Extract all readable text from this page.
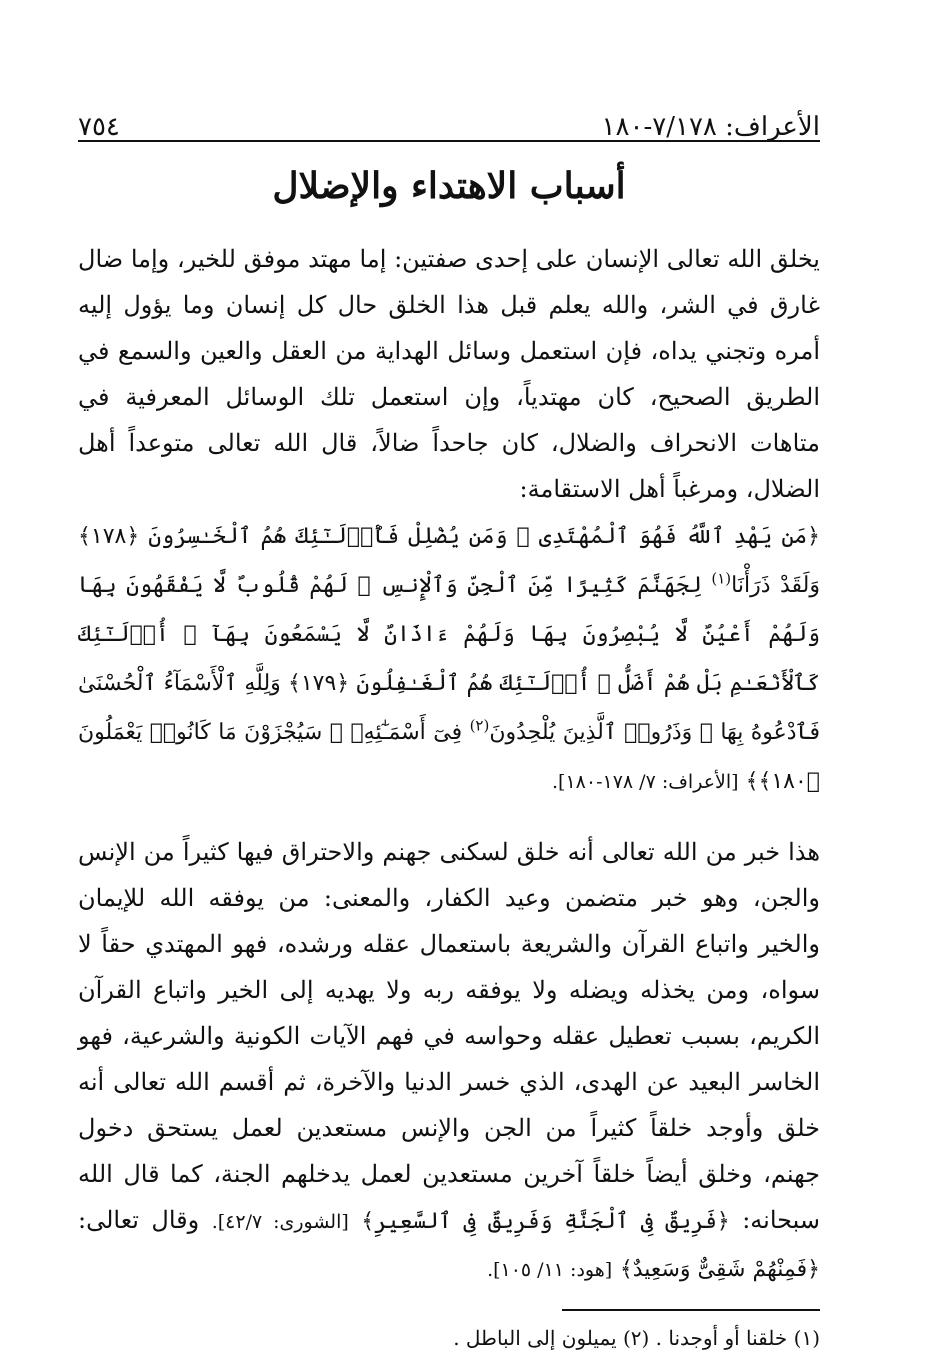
الأعراف: ٧/١٧٨-١٨٠
٧٥٤
أسباب الاهتداء والإضلال

يخلق الله تعالى الإنسان على إحدى صفتين: إما مهتد موفق للخير، وإما ضال غارق في الشر، والله يعلم قبل هذا الخلق حال كل إنسان وما يؤول إليه أمره وتجني يداه، فإن استعمل وسائل الهداية من العقل والعين والسمع في الطريق الصحيح، كان مهتدياً، وإن استعمل تلك الوسائل المعرفية في متاهات الانحراف والضلال، كان جاحداً ضالاً، قال الله تعالى متوعداً أهل الضلال، ومرغباً أهل الاستقامة:

﴿مَن يَهْدِ ٱللَّهُ فَهُوَ ٱلْمُهْتَدِى ۖ وَمَن يُضْلِلْ فَأُو۟لَـٰٓئِكَ هُمُ ٱلْخَـٰسِرُونَ ﴿١٧٨﴾ وَلَقَدْ ذَرَأْنَا$^{(١)}$ لِجَهَنَّمَ كَثِيرًا مِّنَ ٱلْجِنِّ وَٱلْإِنسِ ۖ لَهُمْ قُلُوبٌ لَّا يَفْقَهُونَ بِهَا وَلَهُمْ أَعْيُنٌ لَّا يُبْصِرُونَ بِهَا وَلَهُمْ ءَاذَانٌ لَّا يَسْمَعُونَ بِهَآ ۚ أُو۟لَـٰٓئِكَ كَٱلْأَنْعَـٰمِ بَلْ هُمْ أَضَلُّ ۚ أُو۟لَـٰٓئِكَ هُمُ ٱلْغَـٰفِلُونَ ﴿١٧٩﴾ وَلِلَّهِ ٱلْأَسْمَآءُ ٱلْحُسْنَىٰ فَٱدْعُوهُ بِهَا ۖ وَذَرُوا۟ ٱلَّذِينَ يُلْحِدُونَ$^{(٢)}$ فِىٓ أَسْمَـٰٓئِهِۦ ۚ سَيُجْزَوْنَ مَا كَانُوا۟ يَعْمَلُونَ ﴿١٨٠﴾﴾ [الأعراف: ٧/ ١٧٨-١٨٠].

هذا خبر من الله تعالى أنه خلق لسكنى جهنم والاحتراق فيها كثيراً من الإنس والجن، وهو خبر متضمن وعيد الكفار، والمعنى: من يوفقه الله للإيمان والخير واتباع القرآن والشريعة باستعمال عقله ورشده، فهو المهتدي حقاً لا سواه، ومن يخذله ويضله ولا يوفقه ربه ولا يهديه إلى الخير واتباع القرآن الكريم، بسبب تعطيل عقله وحواسه في فهم الآيات الكونية والشرعية، فهو الخاسر البعيد عن الهدى، الذي خسر الدنيا والآخرة، ثم أقسم الله تعالى أنه خلق وأوجد خلقاً كثيراً من الجن والإنس مستعدين لعمل يستحق دخول جهنم، وخلق أيضاً خلقاً آخرين مستعدين لعمل يدخلهم الجنة، كما قال الله سبحانه: ﴿فَرِيقٌ فِى ٱلْجَنَّةِ وَفَرِيقٌ فِى ٱلسَّعِيرِ﴾ [الشورى: ٤٢/٧]. وقال تعالى: ﴿فَمِنْهُمْ شَقِىٌّ وَسَعِيدٌ﴾ [هود: ١١/ ١٠٥].

(١) خلقنا أو أوجدنا . (٢) يميلون إلى الباطل .
